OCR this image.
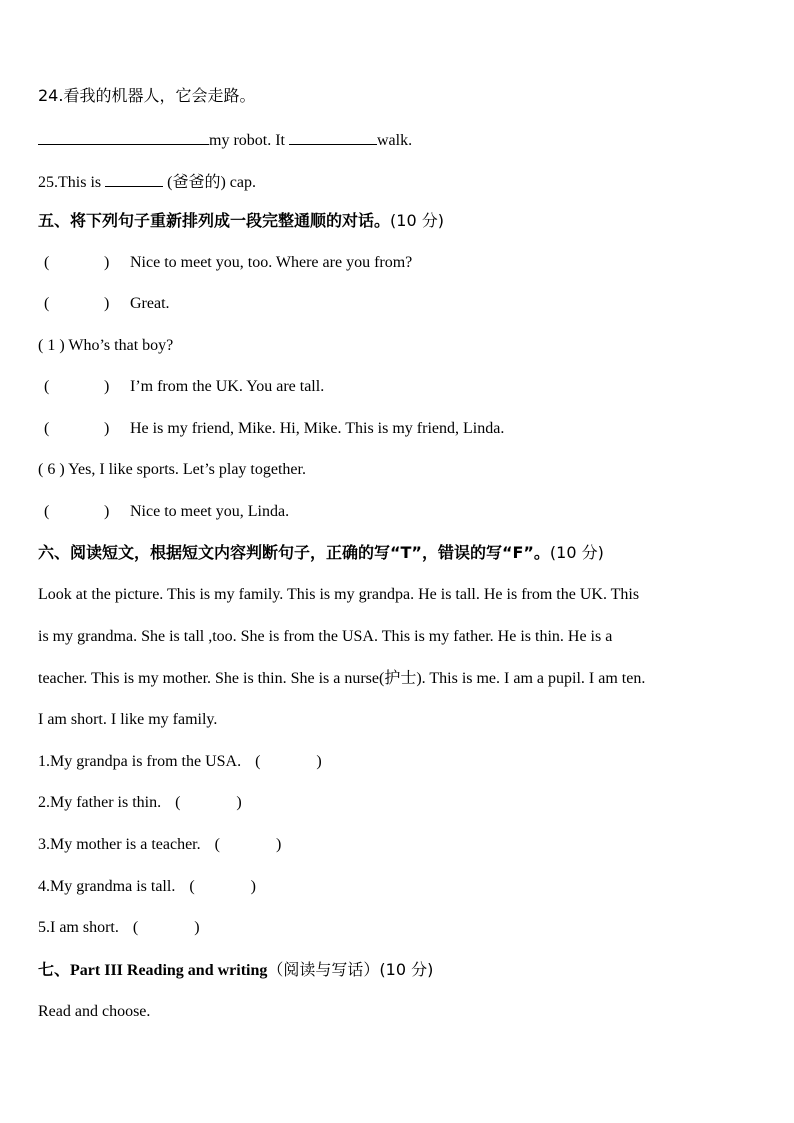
24.看我的机器人，它会走路。
my robot. It	walk.
25.This is	(爸爸的) cap.
五、将下列句子重新排列成一段完整通顺的对话。(10 分)
(	) Nice to meet you, too. Where are you from?
(	) Great.
( 1 ) Who’s that boy?
(	) I’m from the UK. You are tall.
(	) He is my friend, Mike. Hi, Mike. This is my friend, Linda.
( 6 ) Yes, I like sports. Let’s play together.
(	) Nice to meet you, Linda.
六、阅读短文，根据短文内容判断句子，正确的写“T”，错误的写“F”。(10 分)
Look at the picture. This is my family. This is my grandpa. He is tall. He is from the UK. This
is my grandma. She is tall ,too. She is from the USA. This is my father. He is thin. He is a
teacher. This is my mother. She is thin. She is a nurse(护士). This is me. I am a pupil. I am ten.
I am short. I like my family.
1.My grandpa is from the USA. (	)
2.My father is thin. (	)
3.My mother is a teacher. (	)
4.My grandma is tall. (	)
5.I am short. (	)
七、Part III Reading and writing（阅读与写话）(10 分)
Read and choose.
